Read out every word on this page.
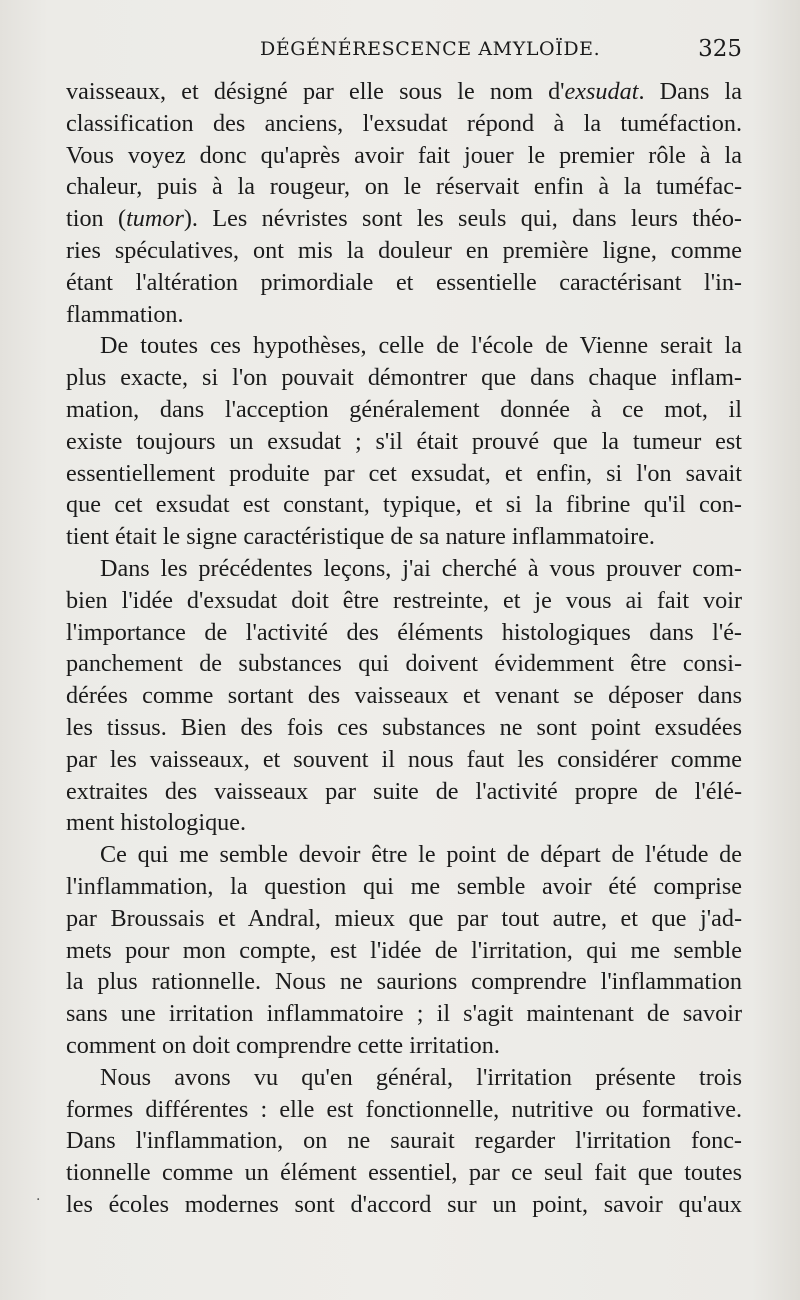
DÉGÉNÉRESCENCE AMYLOÏDE.	325

vaisseaux, et désigné par elle sous le nom d'exsudat. Dans la
classification des anciens, l'exsudat répond à la tuméfaction.
Vous voyez donc qu'après avoir fait jouer le premier rôle à la
chaleur, puis à la rougeur, on le réservait enfin à la tuméfac-
tion (tumor). Les névristes sont les seuls qui, dans leurs théo-
ries spéculatives, ont mis la douleur en première ligne, comme
étant l'altération primordiale et essentielle caractérisant l'in-
flammation.

De toutes ces hypothèses, celle de l'école de Vienne serait la
plus exacte, si l'on pouvait démontrer que dans chaque inflam-
mation, dans l'acception généralement donnée à ce mot, il
existe toujours un exsudat ; s'il était prouvé que la tumeur est
essentiellement produite par cet exsudat, et enfin, si l'on savait
que cet exsudat est constant, typique, et si la fibrine qu'il con-
tient était le signe caractéristique de sa nature inflammatoire.

Dans les précédentes leçons, j'ai cherché à vous prouver com-
bien l'idée d'exsudat doit être restreinte, et je vous ai fait voir
l'importance de l'activité des éléments histologiques dans l'é-
panchement de substances qui doivent évidemment être consi-
dérées comme sortant des vaisseaux et venant se déposer dans
les tissus. Bien des fois ces substances ne sont point exsudées
par les vaisseaux, et souvent il nous faut les considérer comme
extraites des vaisseaux par suite de l'activité propre de l'élé-
ment histologique.

Ce qui me semble devoir être le point de départ de l'étude de
l'inflammation, la question qui me semble avoir été comprise
par Broussais et Andral, mieux que par tout autre, et que j'ad-
mets pour mon compte, est l'idée de l'irritation, qui me semble
la plus rationnelle. Nous ne saurions comprendre l'inflammation
sans une irritation inflammatoire ; il s'agit maintenant de savoir
comment on doit comprendre cette irritation.

Nous avons vu qu'en général, l'irritation présente trois
formes différentes : elle est fonctionnelle, nutritive ou formative.
Dans l'inflammation, on ne saurait regarder l'irritation fonc-
tionnelle comme un élément essentiel, par ce seul fait que toutes
les écoles modernes sont d'accord sur un point, savoir qu'aux

·
